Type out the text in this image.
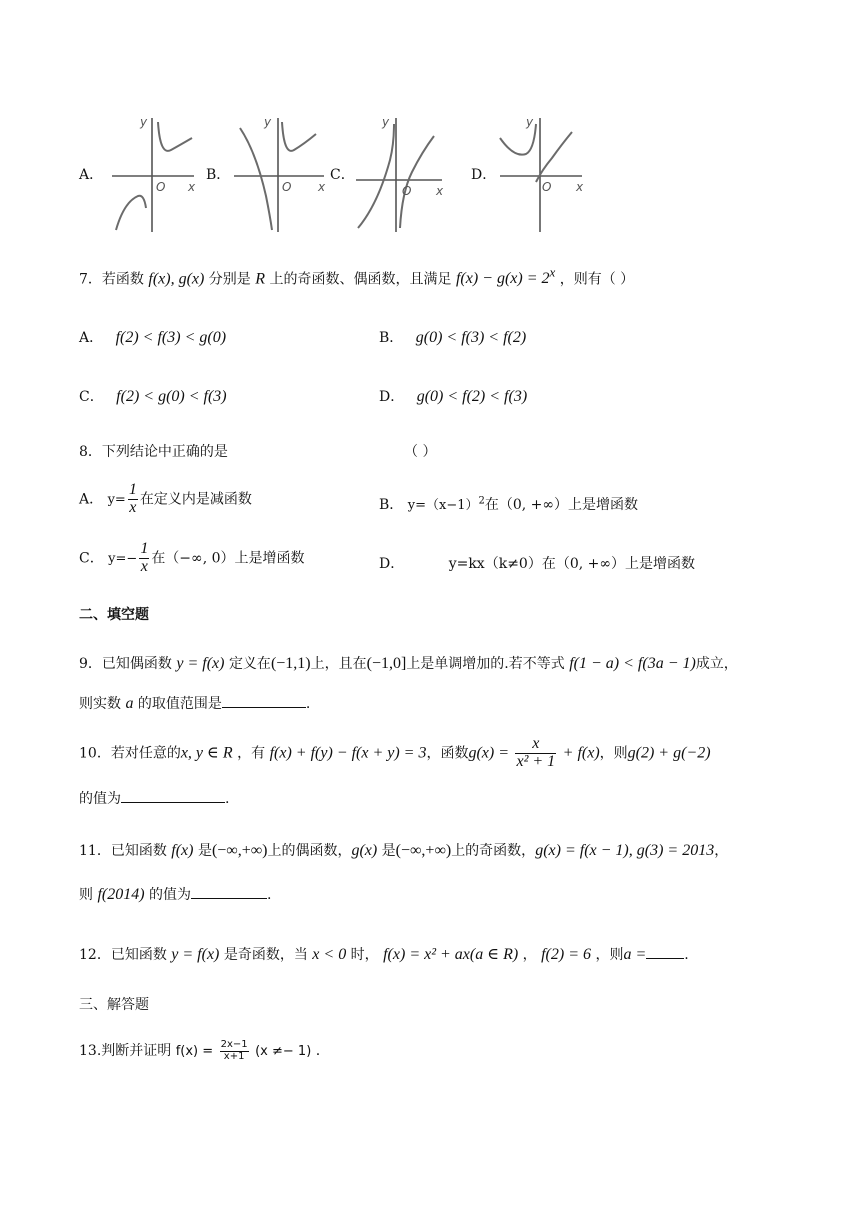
A．
y
x
O
B．
y
x
O
C．
y
x
O
D．
y
x
O
7．若函数 f(x), g(x) 分别是 R 上的奇函数、偶函数，且满足 $f(x) - g(x) = 2^x$ ，则有（ ）
A． f(2) < f(3) < g(0)	B． g(0) < f(3) < f(2)
C． f(2) < g(0) < f(3)	D． g(0) < f(2) < f(3)
8．下列结论中正确的是	（ ）
A． $y= \frac{1}{x}$ 在定义内是减函数	B． $y=(x-1)^2$在（0, +∞）上是增函数
C． $y=- \frac{1}{x}$ 在（−∞, 0）上是增函数	D．	y=kx（k≠0）在（0, +∞）上是增函数
二、填空题
9．已知偶函数 y = f(x) 定义在(−1,1)上，且在(−1,0]上是单调增加的.若不等式 f(1 − a) < f(3a − 1)成立，
则实数 a 的取值范围是	.
10．若对任意的x, y ∈ R ，有 f(x) + f(y) − f(x + y) = 3，函数$g(x) = \frac{x}{\text{x² + 1}} + f(x)$，则g(2) + g(−2)
的值为	.
11．已知函数 f(x) 是(−∞,+∞)上的偶函数，g(x) 是(−∞,+∞)上的奇函数，g(x) = f(x − 1), g(3) = 2013，
则 f(2014) 的值为	.
12．已知函数 y = f(x) 是奇函数，当 x < 0 时， f(x) = x² + ax(a ∈ R) ， f(2) = 6 ，则a =	.
三、解答题
13.判断并证明 $f(x) = \frac{2x-1}{x+1} (x \ne- 1)$ .
